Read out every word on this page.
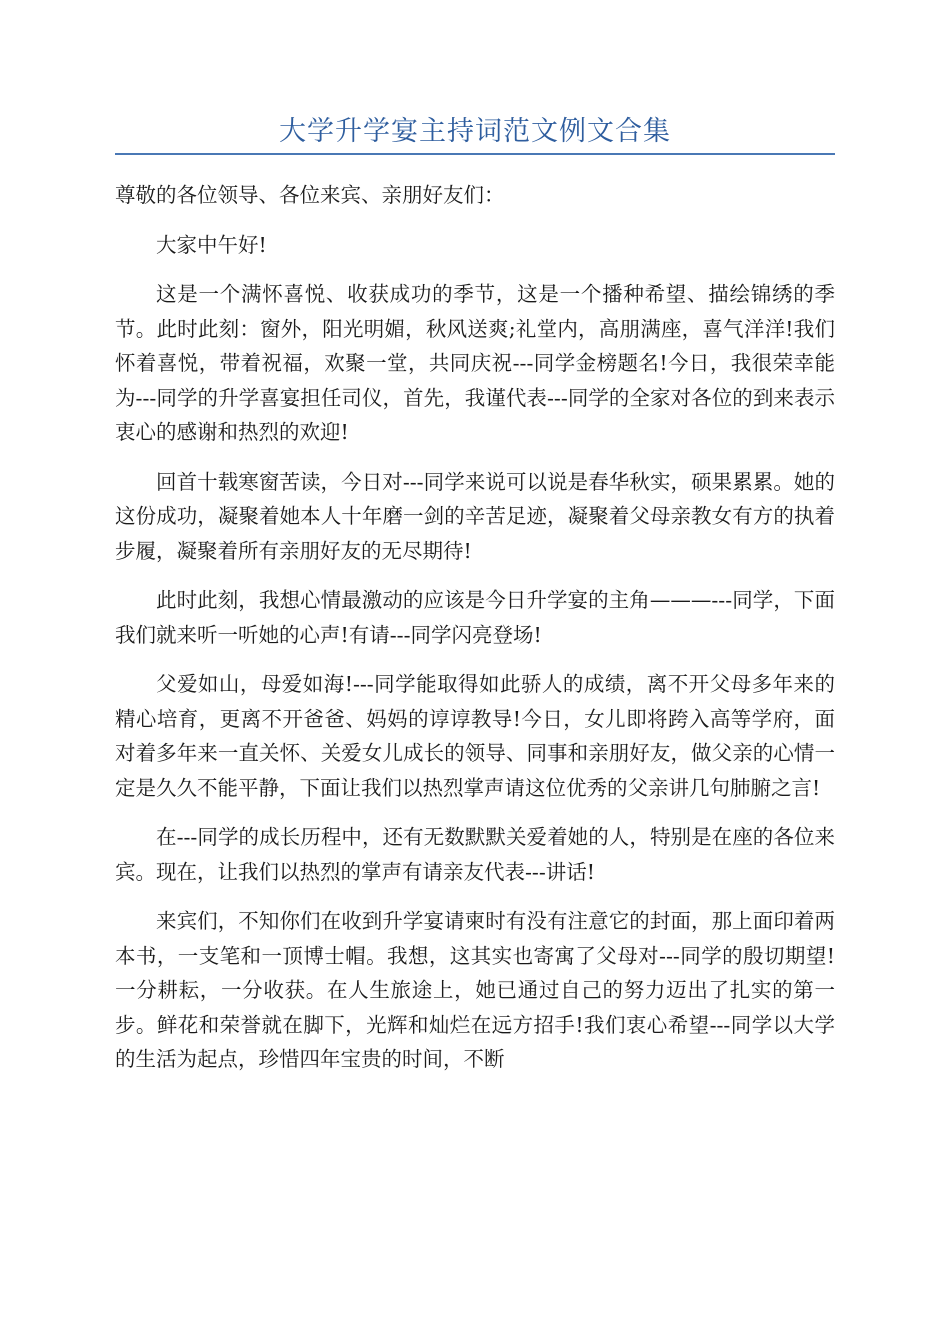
大学升学宴主持词范文例文合集

尊敬的各位领导、各位来宾、亲朋好友们：

大家中午好!

这是一个满怀喜悦、收获成功的季节，这是一个播种希望、描绘锦绣的季节。此时此刻：窗外，阳光明媚，秋风送爽;礼堂内，高朋满座，喜气洋洋!我们怀着喜悦，带着祝福，欢聚一堂，共同庆祝---同学金榜题名!今日，我很荣幸能为---同学的升学喜宴担任司仪，首先，我谨代表---同学的全家对各位的到来表示衷心的感谢和热烈的欢迎!

回首十载寒窗苦读，今日对---同学来说可以说是春华秋实，硕果累累。她的这份成功，凝聚着她本人十年磨一剑的辛苦足迹，凝聚着父母亲教女有方的执着步履，凝聚着所有亲朋好友的无尽期待!

此时此刻，我想心情最激动的应该是今日升学宴的主角———---同学，下面我们就来听一听她的心声!有请---同学闪亮登场!

父爱如山，母爱如海!---同学能取得如此骄人的成绩，离不开父母多年来的精心培育，更离不开爸爸、妈妈的谆谆教导!今日，女儿即将跨入高等学府，面对着多年来一直关怀、关爱女儿成长的领导、同事和亲朋好友，做父亲的心情一定是久久不能平静，下面让我们以热烈掌声请这位优秀的父亲讲几句肺腑之言!

在---同学的成长历程中，还有无数默默关爱着她的人，特别是在座的各位来宾。现在，让我们以热烈的掌声有请亲友代表---讲话!

来宾们，不知你们在收到升学宴请柬时有没有注意它的封面，那上面印着两本书，一支笔和一顶博士帽。我想，这其实也寄寓了父母对---同学的殷切期望!一分耕耘，一分收获。在人生旅途上，她已通过自己的努力迈出了扎实的第一步。鲜花和荣誉就在脚下，光辉和灿烂在远方招手!我们衷心希望---同学以大学的生活为起点，珍惜四年宝贵的时间，不断
